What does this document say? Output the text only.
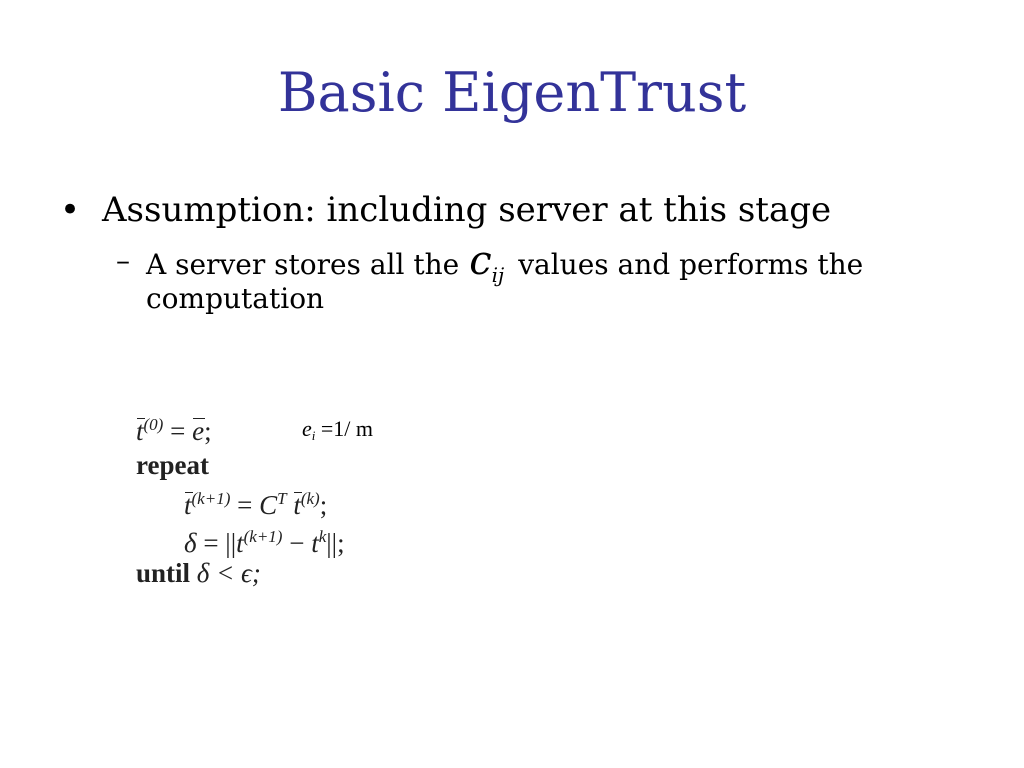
Basic EigenTrust
• Assumption: including server at this stage
– A server stores all the $c_{ij}$ values and performs the
computation
$t^{(0)} = e$;
repeat
$t^{(k+1)} = C^T$ $t^{(k)}$;
$\delta = ||t^{(k+1)} - t^k||$;
until δ < ϵ;
$e_i =1/$ m
